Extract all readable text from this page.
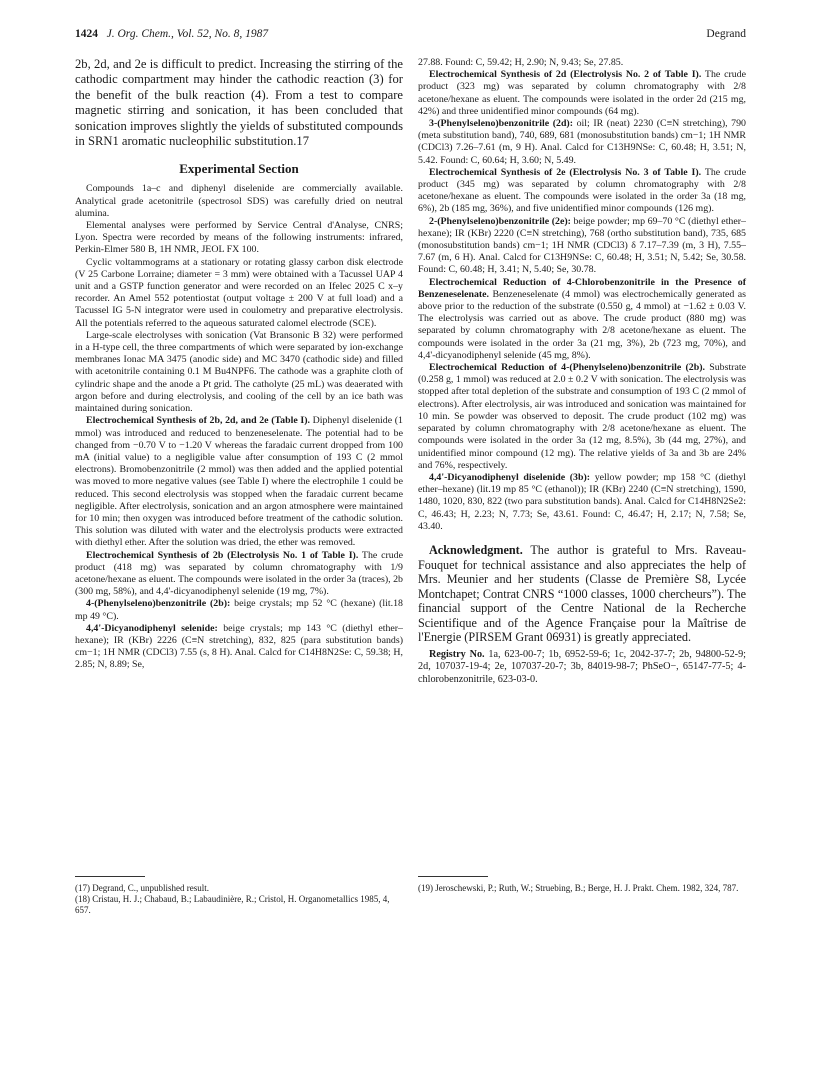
1424 J. Org. Chem., Vol. 52, No. 8, 1987	Degrand

2b, 2d, and 2e is difficult to predict. Increasing the stirring of the cathodic compartment may hinder the cathodic reaction (3) for the benefit of the bulk reaction (4). From a test to compare magnetic stirring and sonication, it has been concluded that sonication improves slightly the yields of substituted compounds in SRN1 aromatic nucleophilic substitution.17

Experimental Section

Compounds 1a–c and diphenyl diselenide are commercially available. Analytical grade acetonitrile (spectrosol SDS) was carefully dried on neutral alumina.

Elemental analyses were performed by Service Central d'Analyse, CNRS; Lyon. Spectra were recorded by means of the following instruments: infrared, Perkin-Elmer 580 B, 1H NMR, JEOL FX 100.

Cyclic voltammograms at a stationary or rotating glassy carbon disk electrode (V 25 Carbone Lorraine; diameter = 3 mm) were obtained with a Tacussel UAP 4 unit and a GSTP function generator and were recorded on an Ifelec 2025 C x–y recorder. An Amel 552 potentiostat (output voltage ± 200 V at full load) and a Tacussel IG 5-N integrator were used in coulometry and preparative electrolysis. All the potentials referred to the aqueous saturated calomel electrode (SCE).

Large-scale electrolyses with sonication (Vat Bransonic B 32) were performed in a H-type cell, the three compartments of which were separated by ion-exchange membranes Ionac MA 3475 (anodic side) and MC 3470 (cathodic side) and filled with acetonitrile containing 0.1 M Bu4NPF6. The cathode was a graphite cloth of cylindric shape and the anode a Pt grid. The catholyte (25 mL) was deaerated with argon before and during electrolysis, and cooling of the cell by an ice bath was maintained during sonication.

Electrochemical Synthesis of 2b, 2d, and 2e (Table I). Diphenyl diselenide (1 mmol) was introduced and reduced to benzeneselenate. The potential had to be changed from −0.70 V to −1.20 V whereas the faradaic current dropped from 100 mA (initial value) to a negligible value after consumption of 193 C (2 mmol electrons). Bromobenzonitrile (2 mmol) was then added and the applied potential was moved to more negative values (see Table I) where the electrophile 1 could be reduced. This second electrolysis was stopped when the faradaic current became negligible. After electrolysis, sonication and an argon atmosphere were maintained for 10 min; then oxygen was introduced before treatment of the cathodic solution. This solution was diluted with water and the electrolysis products were extracted with diethyl ether. After the solution was dried, the ether was removed.

Electrochemical Synthesis of 2b (Electrolysis No. 1 of Table I). The crude product (418 mg) was separated by column chromatography with 1/9 acetone/hexane as eluent. The compounds were isolated in the order 3a (traces), 2b (300 mg, 58%), and 4,4'-dicyanodiphenyl selenide (19 mg, 7%).

4-(Phenylseleno)benzonitrile (2b): beige crystals; mp 52 °C (hexane) (lit.18 mp 49 °C).

4,4'-Dicyanodiphenyl selenide: beige crystals; mp 143 °C (diethyl ether–hexane); IR (KBr) 2226 (C≡N stretching), 832, 825 (para substitution bands) cm−1; 1H NMR (CDCl3) 7.55 (s, 8 H). Anal. Calcd for C14H8N2Se: C, 59.38; H, 2.85; N, 8.89; Se,

27.88. Found: C, 59.42; H, 2.90; N, 9.43; Se, 27.85.

Electrochemical Synthesis of 2d (Electrolysis No. 2 of Table I). The crude product (323 mg) was separated by column chromatography with 2/8 acetone/hexane as eluent. The compounds were isolated in the order 2d (215 mg, 42%) and three unidentified minor compounds (64 mg).

3-(Phenylseleno)benzonitrile (2d): oil; IR (neat) 2230 (C≡N stretching), 790 (meta substitution band), 740, 689, 681 (monosubstitution bands) cm−1; 1H NMR (CDCl3) 7.26–7.61 (m, 9 H). Anal. Calcd for C13H9NSe: C, 60.48; H, 3.51; N, 5.42. Found: C, 60.64; H, 3.60; N, 5.49.

Electrochemical Synthesis of 2e (Electrolysis No. 3 of Table I). The crude product (345 mg) was separated by column chromatography with 2/8 acetone/hexane as eluent. The compounds were isolated in the order 3a (18 mg, 6%), 2b (185 mg, 36%), and five unidentified minor compounds (126 mg).

2-(Phenylseleno)benzonitrile (2e): beige powder; mp 69–70 °C (diethyl ether–hexane); IR (KBr) 2220 (C≡N stretching), 768 (ortho substitution band), 735, 685 (monosubstitution bands) cm−1; 1H NMR (CDCl3) δ 7.17–7.39 (m, 3 H), 7.55–7.67 (m, 6 H). Anal. Calcd for C13H9NSe: C, 60.48; H, 3.51; N, 5.42; Se, 30.58. Found: C, 60.48; H, 3.41; N, 5.40; Se, 30.78.

Electrochemical Reduction of 4-Chlorobenzonitrile in the Presence of Benzeneselenate. Benzeneselenate (4 mmol) was electrochemically generated as above prior to the reduction of the substrate (0.550 g, 4 mmol) at −1.62 ± 0.03 V. The electrolysis was carried out as above. The crude product (880 mg) was separated by column chromatography with 2/8 acetone/hexane as eluent. The compounds were isolated in the order 3a (21 mg, 3%), 2b (723 mg, 70%), and 4,4'-dicyanodiphenyl selenide (45 mg, 8%).

Electrochemical Reduction of 4-(Phenylseleno)benzonitrile (2b). Substrate (0.258 g, 1 mmol) was reduced at 2.0 ± 0.2 V with sonication. The electrolysis was stopped after total depletion of the substrate and consumption of 193 C (2 mmol of electrons). After electrolysis, air was introduced and sonication was maintained for 10 min. Se powder was observed to deposit. The crude product (102 mg) was separated by column chromatography with 2/8 acetone/hexane as eluent. The compounds were isolated in the order 3a (12 mg, 8.5%), 3b (44 mg, 27%), and unidentified minor compound (12 mg). The relative yields of 3a and 3b are 24% and 76%, respectively.

4,4'-Dicyanodiphenyl diselenide (3b): yellow powder; mp 158 °C (diethyl ether–hexane) (lit.19 mp 85 °C (ethanol)); IR (KBr) 2240 (C≡N stretching), 1590, 1480, 1020, 830, 822 (two para substitution bands). Anal. Calcd for C14H8N2Se2: C, 46.43; H, 2.23; N, 7.73; Se, 43.61. Found: C, 46.47; H, 2.17; N, 7.58; Se, 43.40.

Acknowledgment. The author is grateful to Mrs. Raveau-Fouquet for technical assistance and also appreciates the help of Mrs. Meunier and her students (Classe de Première S8, Lycée Montchapet; Contrat CNRS “1000 classes, 1000 chercheurs”). The financial support of the Centre National de la Recherche Scientifique and of the Agence Française pour la Maîtrise de l'Energie (PIRSEM Grant 06931) is greatly appreciated.

Registry No. 1a, 623-00-7; 1b, 6952-59-6; 1c, 2042-37-7; 2b, 94800-52-9; 2d, 107037-19-4; 2e, 107037-20-7; 3b, 84019-98-7; PhSeO−, 65147-77-5; 4-chlorobenzonitrile, 623-03-0.

(17) Degrand, C., unpublished result.

(18) Cristau, H. J.; Chabaud, B.; Labaudinière, R.; Cristol, H. Organometallics 1985, 4, 657.

(19) Jeroschewski, P.; Ruth, W.; Struebing, B.; Berge, H. J. Prakt. Chem. 1982, 324, 787.
